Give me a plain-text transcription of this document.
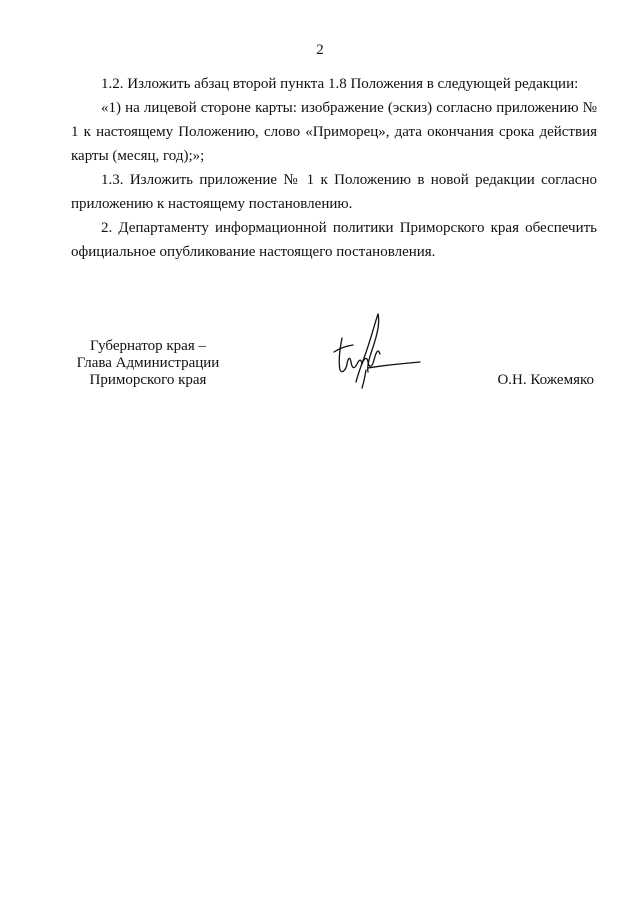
2

1.2. Изложить абзац второй пункта 1.8 Положения в следующей редакции:

«1) на лицевой стороне карты: изображение (эскиз) согласно приложению № 1 к настоящему Положению, слово «Приморец», дата окончания срока действия карты (месяц, год);»;

1.3. Изложить приложение № 1 к Положению в новой редакции согласно приложению к настоящему постановлению.

2. Департаменту информационной политики Приморского края обеспечить официальное опубликование настоящего постановления.

Губернатор края –
Глава Администрации
Приморского края	О.Н. Кожемяко
